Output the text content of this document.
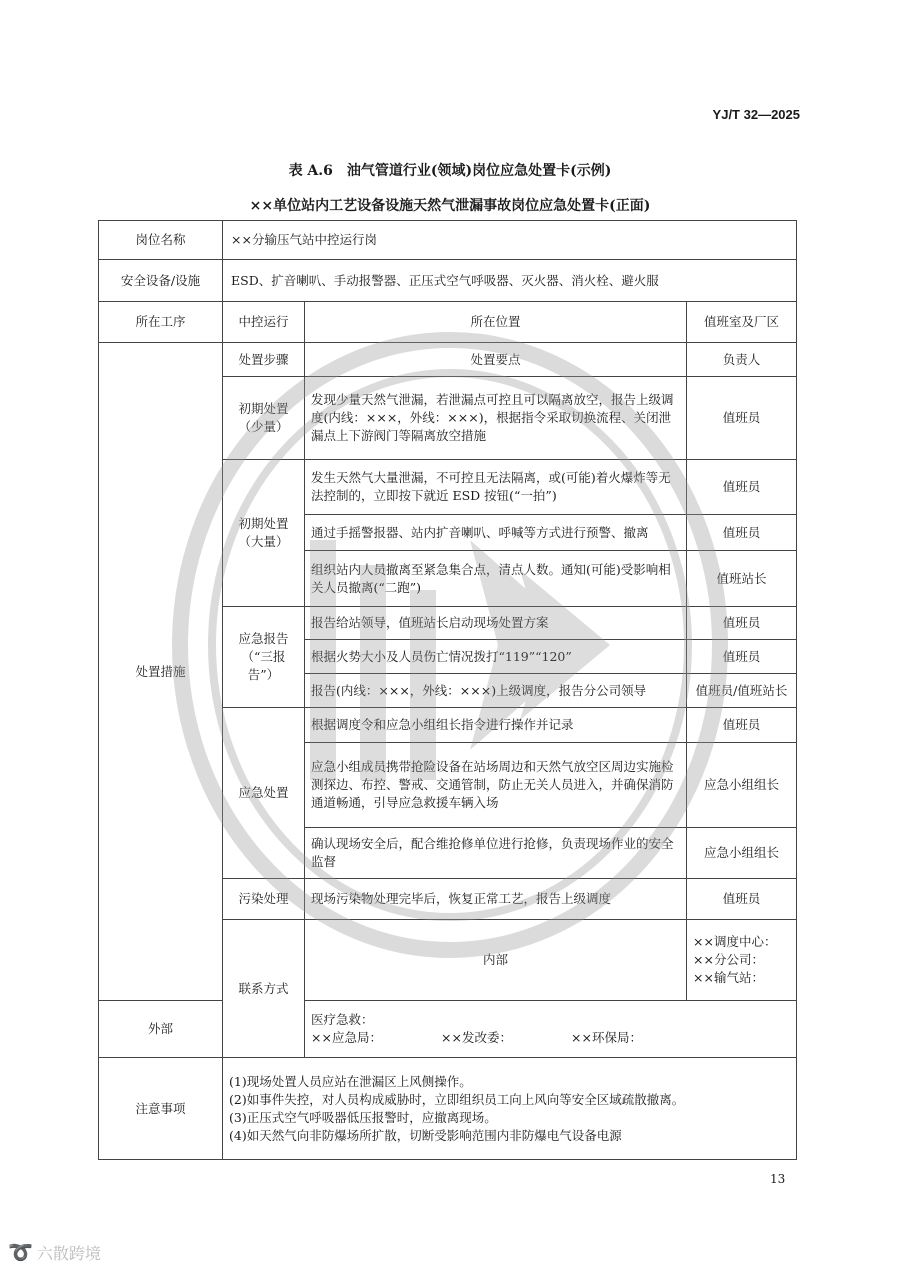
YJ/T 32—2025
表 A.6　油气管道行业(领域)岗位应急处置卡(示例)
××单位站内工艺设备设施天然气泄漏事故岗位应急处置卡(正面)
岗位名称	××分输压气站中控运行岗		
安全设备/设施	ESD、扩音喇叭、手动报警器、正压式空气呼吸器、灭火器、消火栓、避火服		
所在工序	中控运行	所在位置	值班室及厂区
处置措施	处置步骤	处置要点	负责人
	初期处置（少量）	发现少量天然气泄漏，若泄漏点可控且可以隔离放空，报告上级调度(内线：×××，外线：×××)，根据指令采取切换流程、关闭泄漏点上下游阀门等隔离放空措施	值班员
	初期处置（大量）	发生天然气大量泄漏，不可控且无法隔离，或(可能)着火爆炸等无法控制的，立即按下就近 ESD 按钮(“一拍”)	值班员
		通过手摇警报器、站内扩音喇叭、呼喊等方式进行预警、撤离	值班员
		组织站内人员撤离至紧急集合点，清点人数。通知(可能)受影响相关人员撤离(“二跑”)	值班站长
	应急报告（“三报告”）	报告给站领导，值班站长启动现场处置方案	值班员
		根据火势大小及人员伤亡情况拨打“119”“120”	值班员
		报告(内线：×××，外线：×××)上级调度，报告分公司领导	值班员/值班站长
	应急处置	根据调度令和应急小组组长指令进行操作并记录	值班员
		应急小组成员携带抢险设备在站场周边和天然气放空区周边实施检测探边、布控、警戒、交通管制，防止无关人员进入，并确保消防通道畅通，引导应急救援车辆入场	应急小组组长
		确认现场安全后，配合维抢修单位进行抢修，负责现场作业的安全监督	应急小组组长
	污染处理	现场污染物处理完毕后，恢复正常工艺，报告上级调度	值班员
	联系方式	内部	××调度中心：
××分公司：
××输气站：

外部		医疗急救：
××应急局： ××发改委： ××环保局：	

注意事项	(1)现场处置人员应站在泄漏区上风侧操作。
(2)如事件失控，对人员构成威胁时，立即组织员工向上风向等安全区域疏散撤离。
(3)正压式空气呼吸器低压报警时，应撤离现场。
(4)如天然气向非防爆场所扩散，切断受影响范围内非防爆电气设备电源		
13
➰ 六散跨境
